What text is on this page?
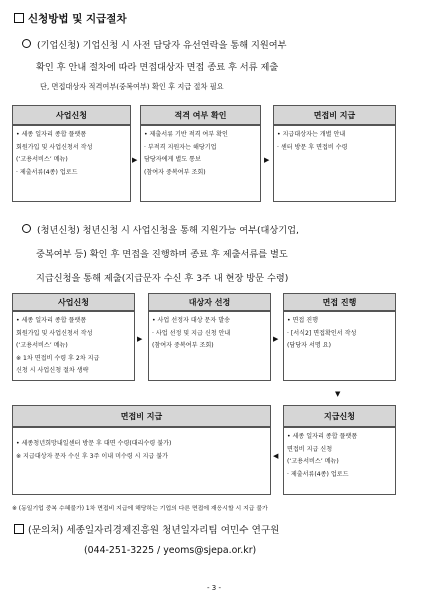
신청방법 및 지급절차
(기업신청) 기업신청 시 사전 담당자 유선연락을 통해 지원여부
확인 후 안내 절차에 따라 면접대상자 면접 종료 후 서류 제출
단, 면접대상자 적격여부(중복여부) 확인 후 지급 절차 필요
사업신청
• 세종 일자리 종합 플랫폼
회원가입 및 사업신청서 작성
(‘고용서비스’ 메뉴)
· 제출서류(4종) 업로드
적격 여부 확인
• 제출서류 기반 적격 여부 확인
· 부적격 지원자는 해당기업
담당자에게 별도 통보
(참여자 중복여부 조회)
면접비 지급
• 지급대상자는 개별 안내
· 센터 방문 후 면접비 수령
▶	▶
(청년신청) 청년신청 시 사업신청을 통해 지원가능 여부(대상기업,
중복여부 등) 확인 후 면접을 진행하며 종료 후 제출서류를 별도
지급신청을 통해 제출(지급문자 수신 후 3주 내 현장 방문 수령)
사업신청
• 세종 일자리 종합 플랫폼
회원가입 및 사업신청서 작성
(‘고용서비스’ 메뉴)
※ 1차 면접비 수령 후 2차 지급
신청 시 사업신청 절차 생략
대상자 선정
• 사업 선정자 대상 문자 발송
· 사업 선정 및 지급 신청 안내
(참여자 중복여부 조회)
면접 진행
• 면접 진행
· [서식2] 면접확인서 작성
(담당자 서명 요)
▶	▶
▼
면접비 지급
• 세종청년희망내일센터 방문 후 대면 수령(대리수령 불가)
※ 지급대상자 문자 수신 후 3주 이내 미수령 시 지급 불가
지급신청
• 세종 일자리 종합 플랫폼
면접비 지급 신청
(‘고용서비스’ 메뉴)
· 제출서류(4종) 업로드
◀
※ (동일기업 중복 수혜불가) 1차 면접비 지급에 해당하는 기업의 다른 면접에 재응시할 시 지급 불가
(문의처) 세종일자리경제진흥원 청년일자리팀 여민수 연구원
(044-251-3225 / yeoms@sjepa.or.kr)
- 3 -
